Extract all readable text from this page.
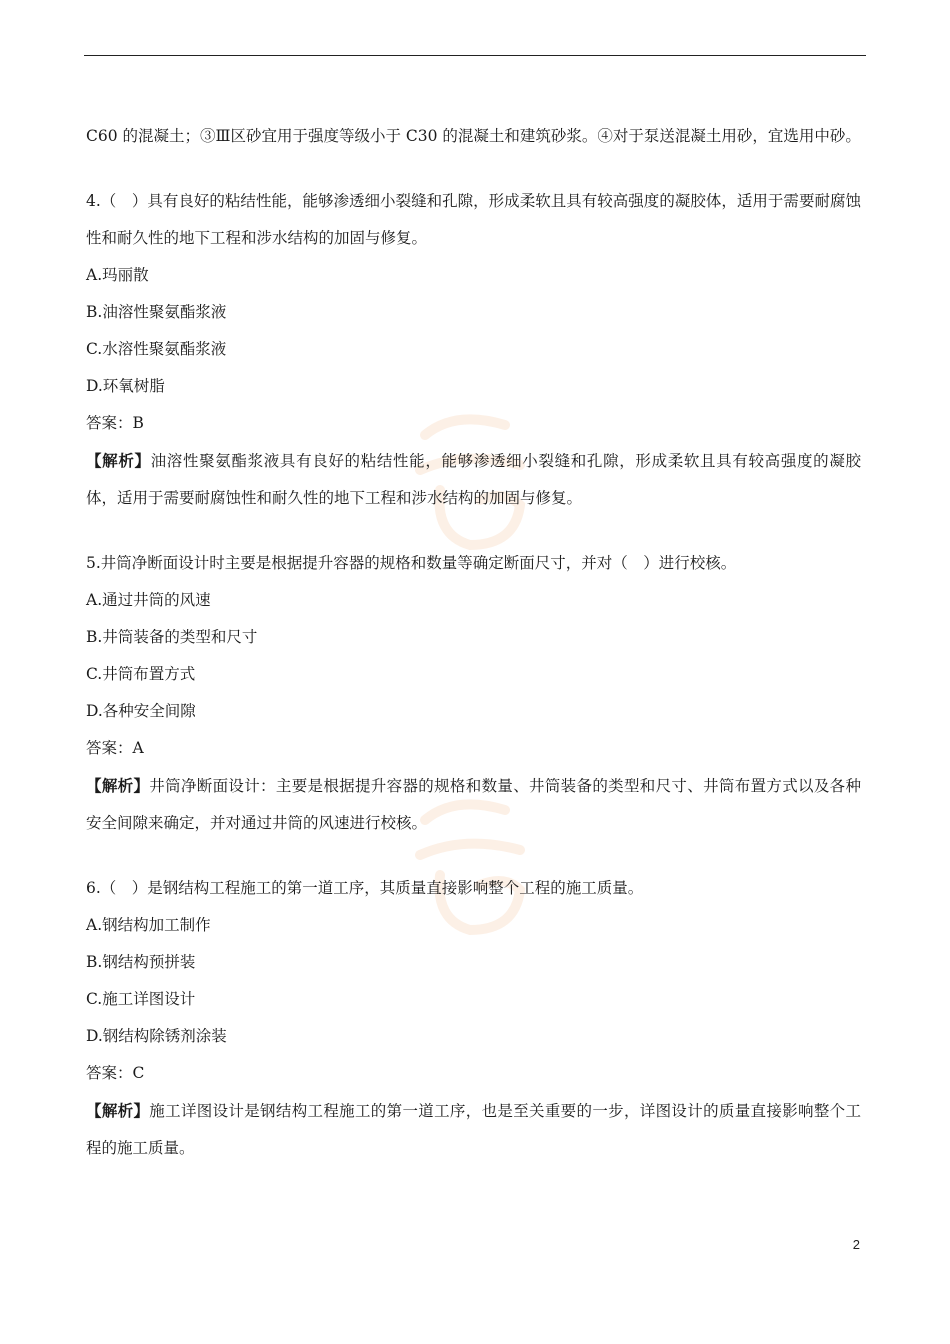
C60 的混凝土；③Ⅲ区砂宜用于强度等级小于 C30 的混凝土和建筑砂浆。④对于泵送混凝土用砂，宜选用中砂。

4.（　）具有良好的粘结性能，能够渗透细小裂缝和孔隙，形成柔软且具有较高强度的凝胶体，适用于需要耐腐蚀性和耐久性的地下工程和涉水结构的加固与修复。

A.玛丽散

B.油溶性聚氨酯浆液

C.水溶性聚氨酯浆液

D.环氧树脂

答案：B

【解析】油溶性聚氨酯浆液具有良好的粘结性能，能够渗透细小裂缝和孔隙，形成柔软且具有较高强度的凝胶体，适用于需要耐腐蚀性和耐久性的地下工程和涉水结构的加固与修复。

5.井筒净断面设计时主要是根据提升容器的规格和数量等确定断面尺寸，并对（　）进行校核。

A.通过井筒的风速

B.井筒装备的类型和尺寸

C.井筒布置方式

D.各种安全间隙

答案：A

【解析】井筒净断面设计：主要是根据提升容器的规格和数量、井筒装备的类型和尺寸、井筒布置方式以及各种安全间隙来确定，并对通过井筒的风速进行校核。

6.（　）是钢结构工程施工的第一道工序，其质量直接影响整个工程的施工质量。

A.钢结构加工制作

B.钢结构预拼装

C.施工详图设计

D.钢结构除锈剂涂装

答案：C

【解析】施工详图设计是钢结构工程施工的第一道工序，也是至关重要的一步，详图设计的质量直接影响整个工程的施工质量。

2
